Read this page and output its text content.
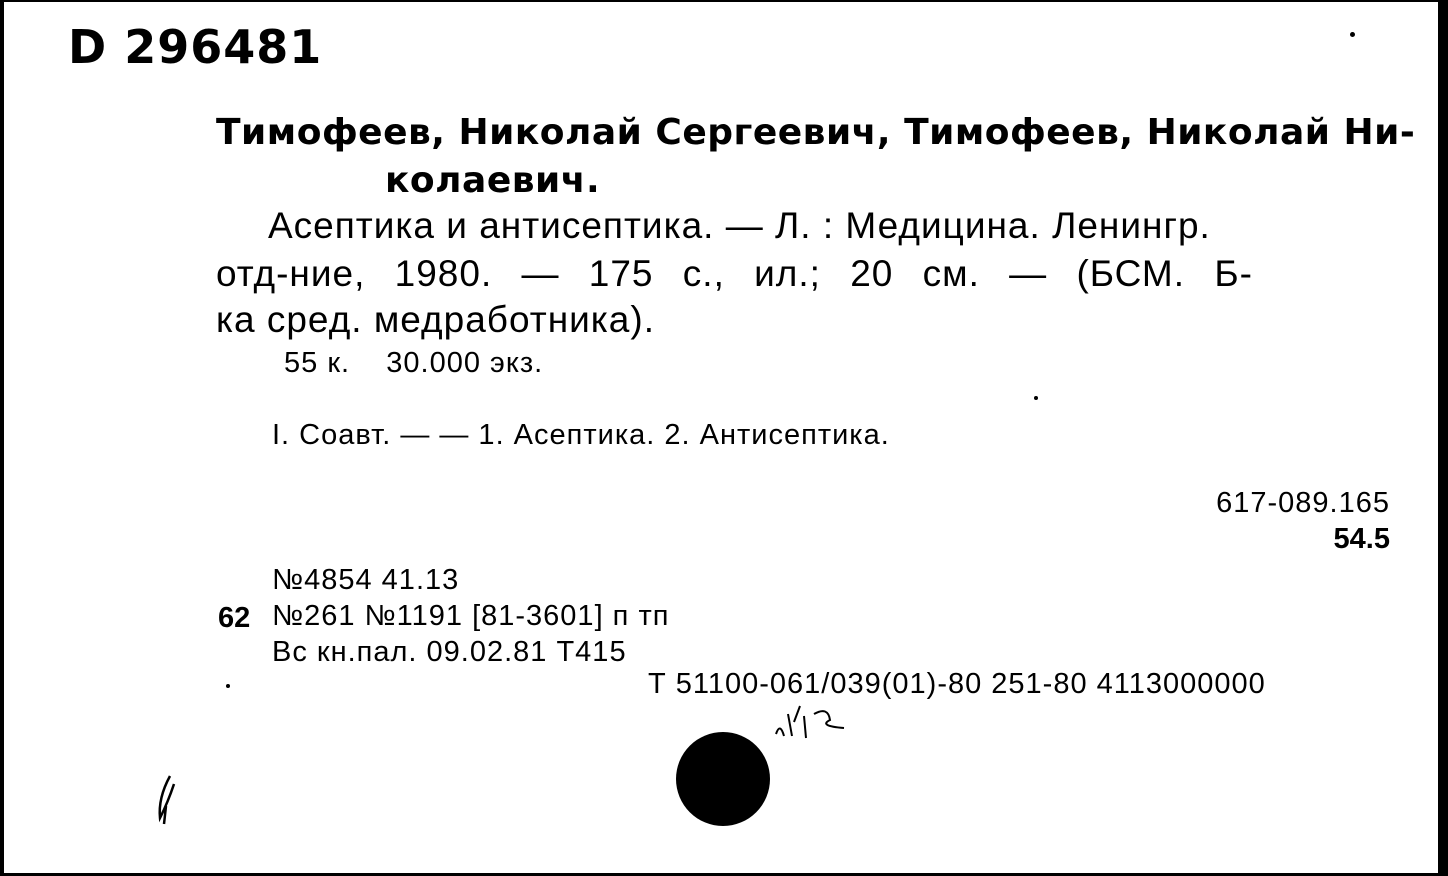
D 296481
Тимофеев, Николай Сергеевич, Тимофеев, Николай Ни-
колаевич.
Асептика и антисептика. — Л. : Медицина. Ленингр.
отд-ние, 1980. — 175 с., ил.; 20 см. — (БСМ. Б-
ка сред. медработника).
55 к.    30.000 экз.
I. Соавт. — — 1. Асептика. 2. Антисептика.
617-089.165
54.5
№4854 41.13
62 №261 №1191 [81-3601] п тп
Вс кн.пал. 09.02.81 Т415
Т 51100-061/039(01)-80 251-80 4113000000
